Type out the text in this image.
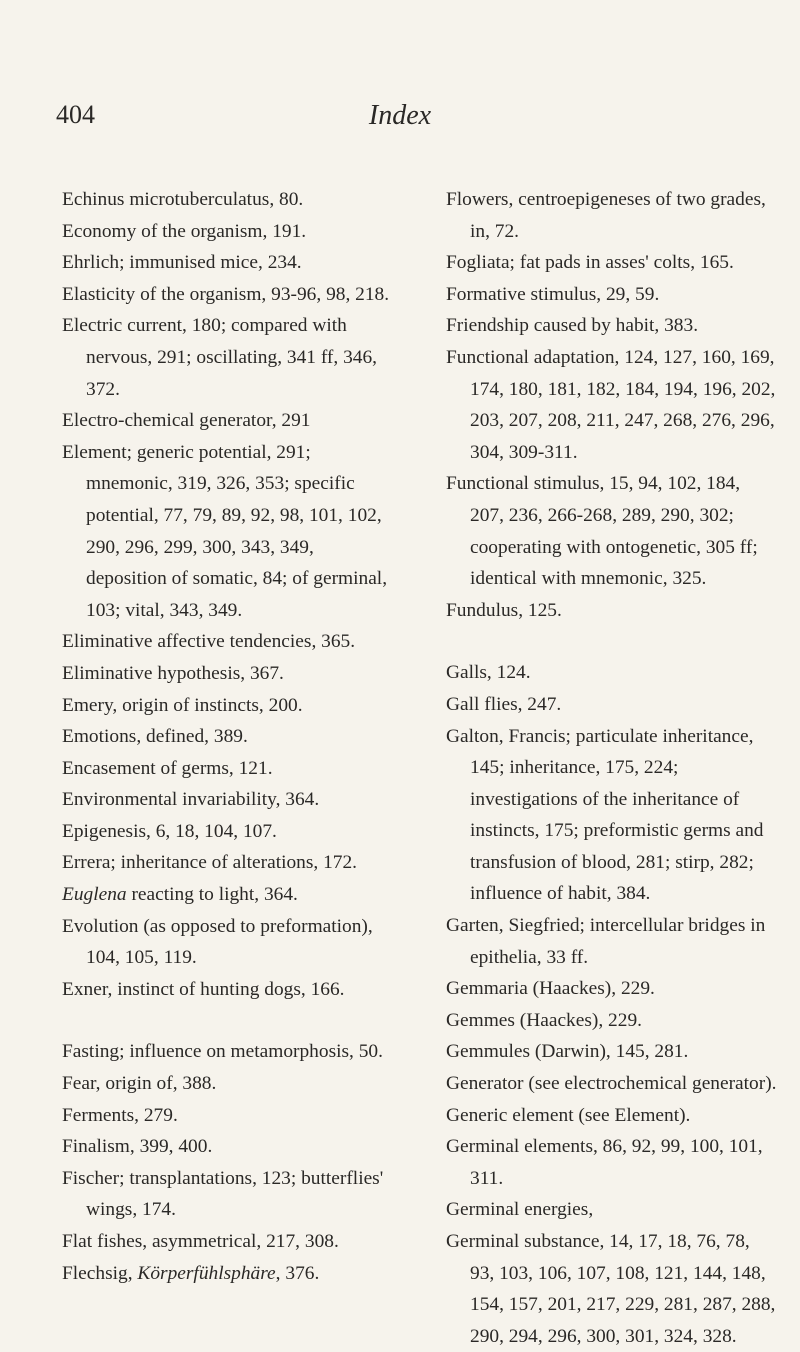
404	Index

Echinus microtuberculatus, 80.

Economy of the organism, 191.

Ehrlich; immunised mice, 234.

Elasticity of the organism, 93-96, 98, 218.

Electric current, 180; compared with nervous, 291; oscillating, 341 ff, 346, 372.

Electro-chemical generator, 291

Element; generic potential, 291; mnemonic, 319, 326, 353; specific potential, 77, 79, 89, 92, 98, 101, 102, 290, 296, 299, 300, 343, 349, deposition of somatic, 84; of germinal, 103; vital, 343, 349.

Eliminative affective tendencies, 365.

Eliminative hypothesis, 367.

Emery, origin of instincts, 200.

Emotions, defined, 389.

Encasement of germs, 121.

Environmental invariability, 364.

Epigenesis, 6, 18, 104, 107.

Errera; inheritance of alterations, 172.

Euglena reacting to light, 364.

Evolution (as opposed to preformation), 104, 105, 119.

Exner, instinct of hunting dogs, 166.

Fasting; influence on metamorphosis, 50.

Fear, origin of, 388.

Ferments, 279.

Finalism, 399, 400.

Fischer; transplantations, 123; butterflies' wings, 174.

Flat fishes, asymmetrical, 217, 308.

Flechsig, Körperfühlsphäre, 376.

Flowers, centroepigeneses of two grades, in, 72.

Fogliata; fat pads in asses' colts, 165.

Formative stimulus, 29, 59.

Friendship caused by habit, 383.

Functional adaptation, 124, 127, 160, 169, 174, 180, 181, 182, 184, 194, 196, 202, 203, 207, 208, 211, 247, 268, 276, 296, 304, 309-311.

Functional stimulus, 15, 94, 102, 184, 207, 236, 266-268, 289, 290, 302; cooperating with ontogenetic, 305 ff; identical with mnemonic, 325.

Fundulus, 125.

Galls, 124.

Gall flies, 247.

Galton, Francis; particulate inheritance, 145; inheritance, 175, 224; investigations of the inheritance of instincts, 175; preformistic germs and transfusion of blood, 281; stirp, 282; influence of habit, 384.

Garten, Siegfried; intercellular bridges in epithelia, 33 ff.

Gemmaria (Haackes), 229.

Gemmes (Haackes), 229.

Gemmules (Darwin), 145, 281.

Generator (see electrochemical generator).

Generic element (see Element).

Germinal elements, 86, 92, 99, 100, 101, 311.

Germinal energies,

Germinal substance, 14, 17, 18, 76, 78, 93, 103, 106, 107, 108, 121, 144, 148, 154, 157, 201, 217, 229, 281, 287, 288, 290, 294, 296, 300, 301, 324, 328.
